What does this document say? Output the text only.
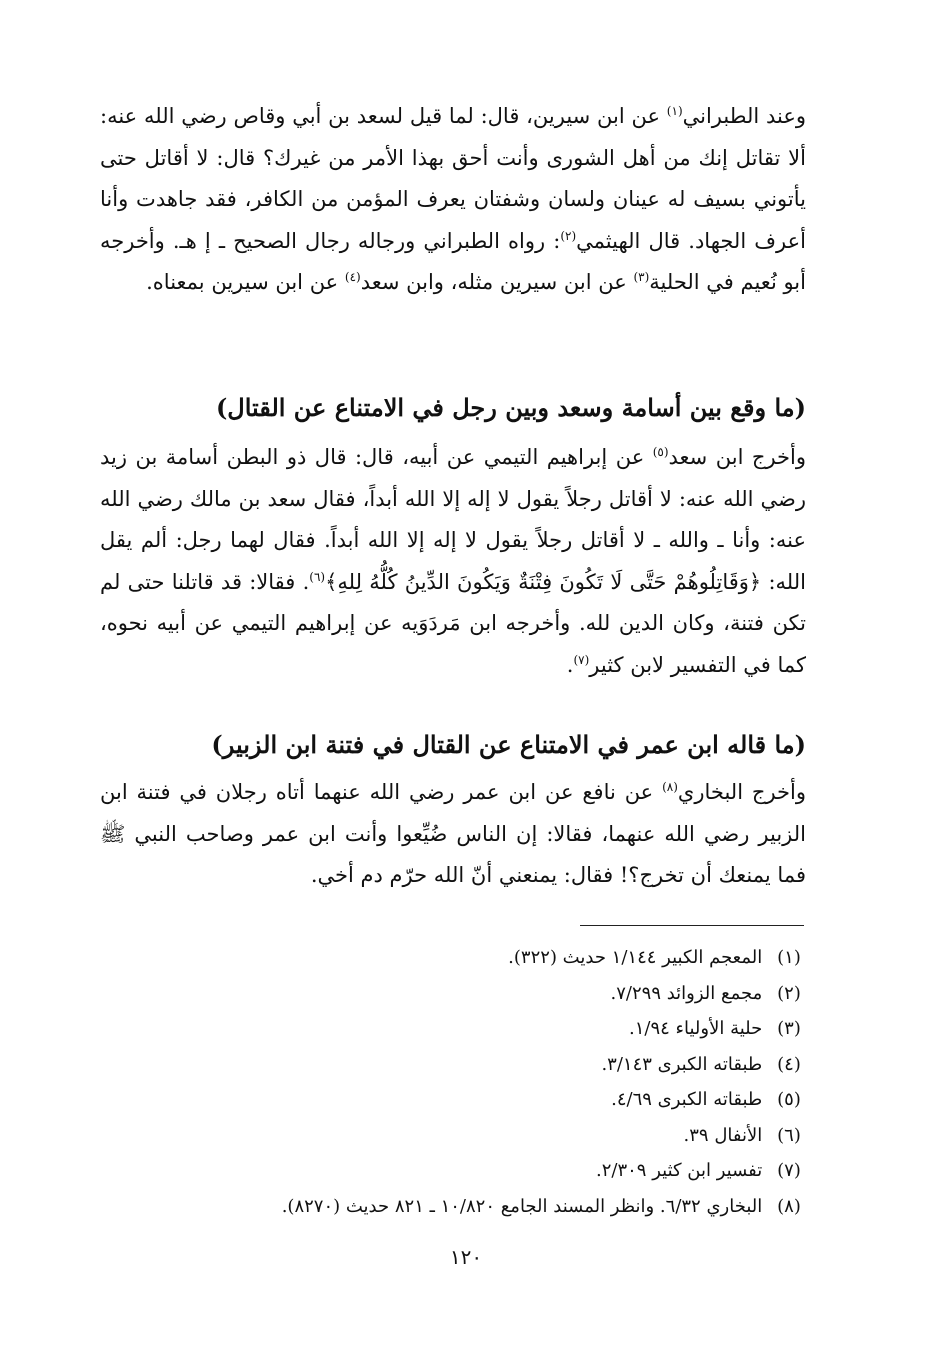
وعند الطبراني$^{(١)}$ عن ابن سيرين، قال: لما قيل لسعد بن أبي وقاص رضي الله عنه: ألا تقاتل إنك من أهل الشورى وأنت أحق بهذا الأمر من غيرك؟ قال: لا أقاتل حتى يأتوني بسيف له عينان ولسان وشفتان يعرف المؤمن من الكافر، فقد جاهدت وأنا أعرف الجهاد. قال الهيثمي$^{(٢)}$: رواه الطبراني ورجاله رجال الصحيح ـ إ هـ. وأخرجه أبو نُعيم في الحلية$^{(٣)}$ عن ابن سيرين مثله، وابن سعد$^{(٤)}$ عن ابن سيرين بمعناه.

(ما وقع بين أسامة وسعد وبين رجل في الامتناع عن القتال)

وأخرج ابن سعد$^{(٥)}$ عن إبراهيم التيمي عن أبيه، قال: قال ذو البطن أسامة بن زيد رضي الله عنه: لا أقاتل رجلاً يقول لا إله إلا الله أبداً، فقال سعد بن مالك رضي الله عنه: وأنا ـ والله ـ لا أقاتل رجلاً يقول لا إله إلا الله أبداً. فقال لهما رجل: ألم يقل الله: ﴿وَقَاتِلُوهُمْ حَتَّى لَا تَكُونَ فِتْنَةٌ وَيَكُونَ الدِّينُ كُلُّهُ لِلهِ﴾$^{(٦)}$. فقالا: قد قاتلنا حتى لم تكن فتنة، وكان الدين لله. وأخرجه ابن مَردَوَيه عن إبراهيم التيمي عن أبيه نحوه، كما في التفسير لابن كثير$^{(٧)}$.

(ما قاله ابن عمر في الامتناع عن القتال في فتنة ابن الزبير)

وأخرج البخاري$^{(٨)}$ عن نافع عن ابن عمر رضي الله عنهما أتاه رجلان في فتنة ابن الزبير رضي الله عنهما، فقالا: إن الناس ضُيِّعوا وأنت ابن عمر وصاحب النبي ﷺ فما يمنعك أن تخرج؟! فقال: يمنعني أنّ الله حرّم دم أخي.

(١) المعجم الكبير ١/١٤٤ حديث (٣٢٢).
(٢) مجمع الزوائد ٧/٢٩٩.
(٣) حلية الأولياء ١/٩٤.
(٤) طبقاته الكبرى ٣/١٤٣.
(٥) طبقاته الكبرى ٤/٦٩.
(٦) الأنفال ٣٩.
(٧) تفسير ابن كثير ٢/٣٠٩.
(٨) البخاري ٦/٣٢. وانظر المسند الجامع ١٠/٨٢٠ ـ ٨٢١ حديث (٨٢٧٠).
١٢٠
